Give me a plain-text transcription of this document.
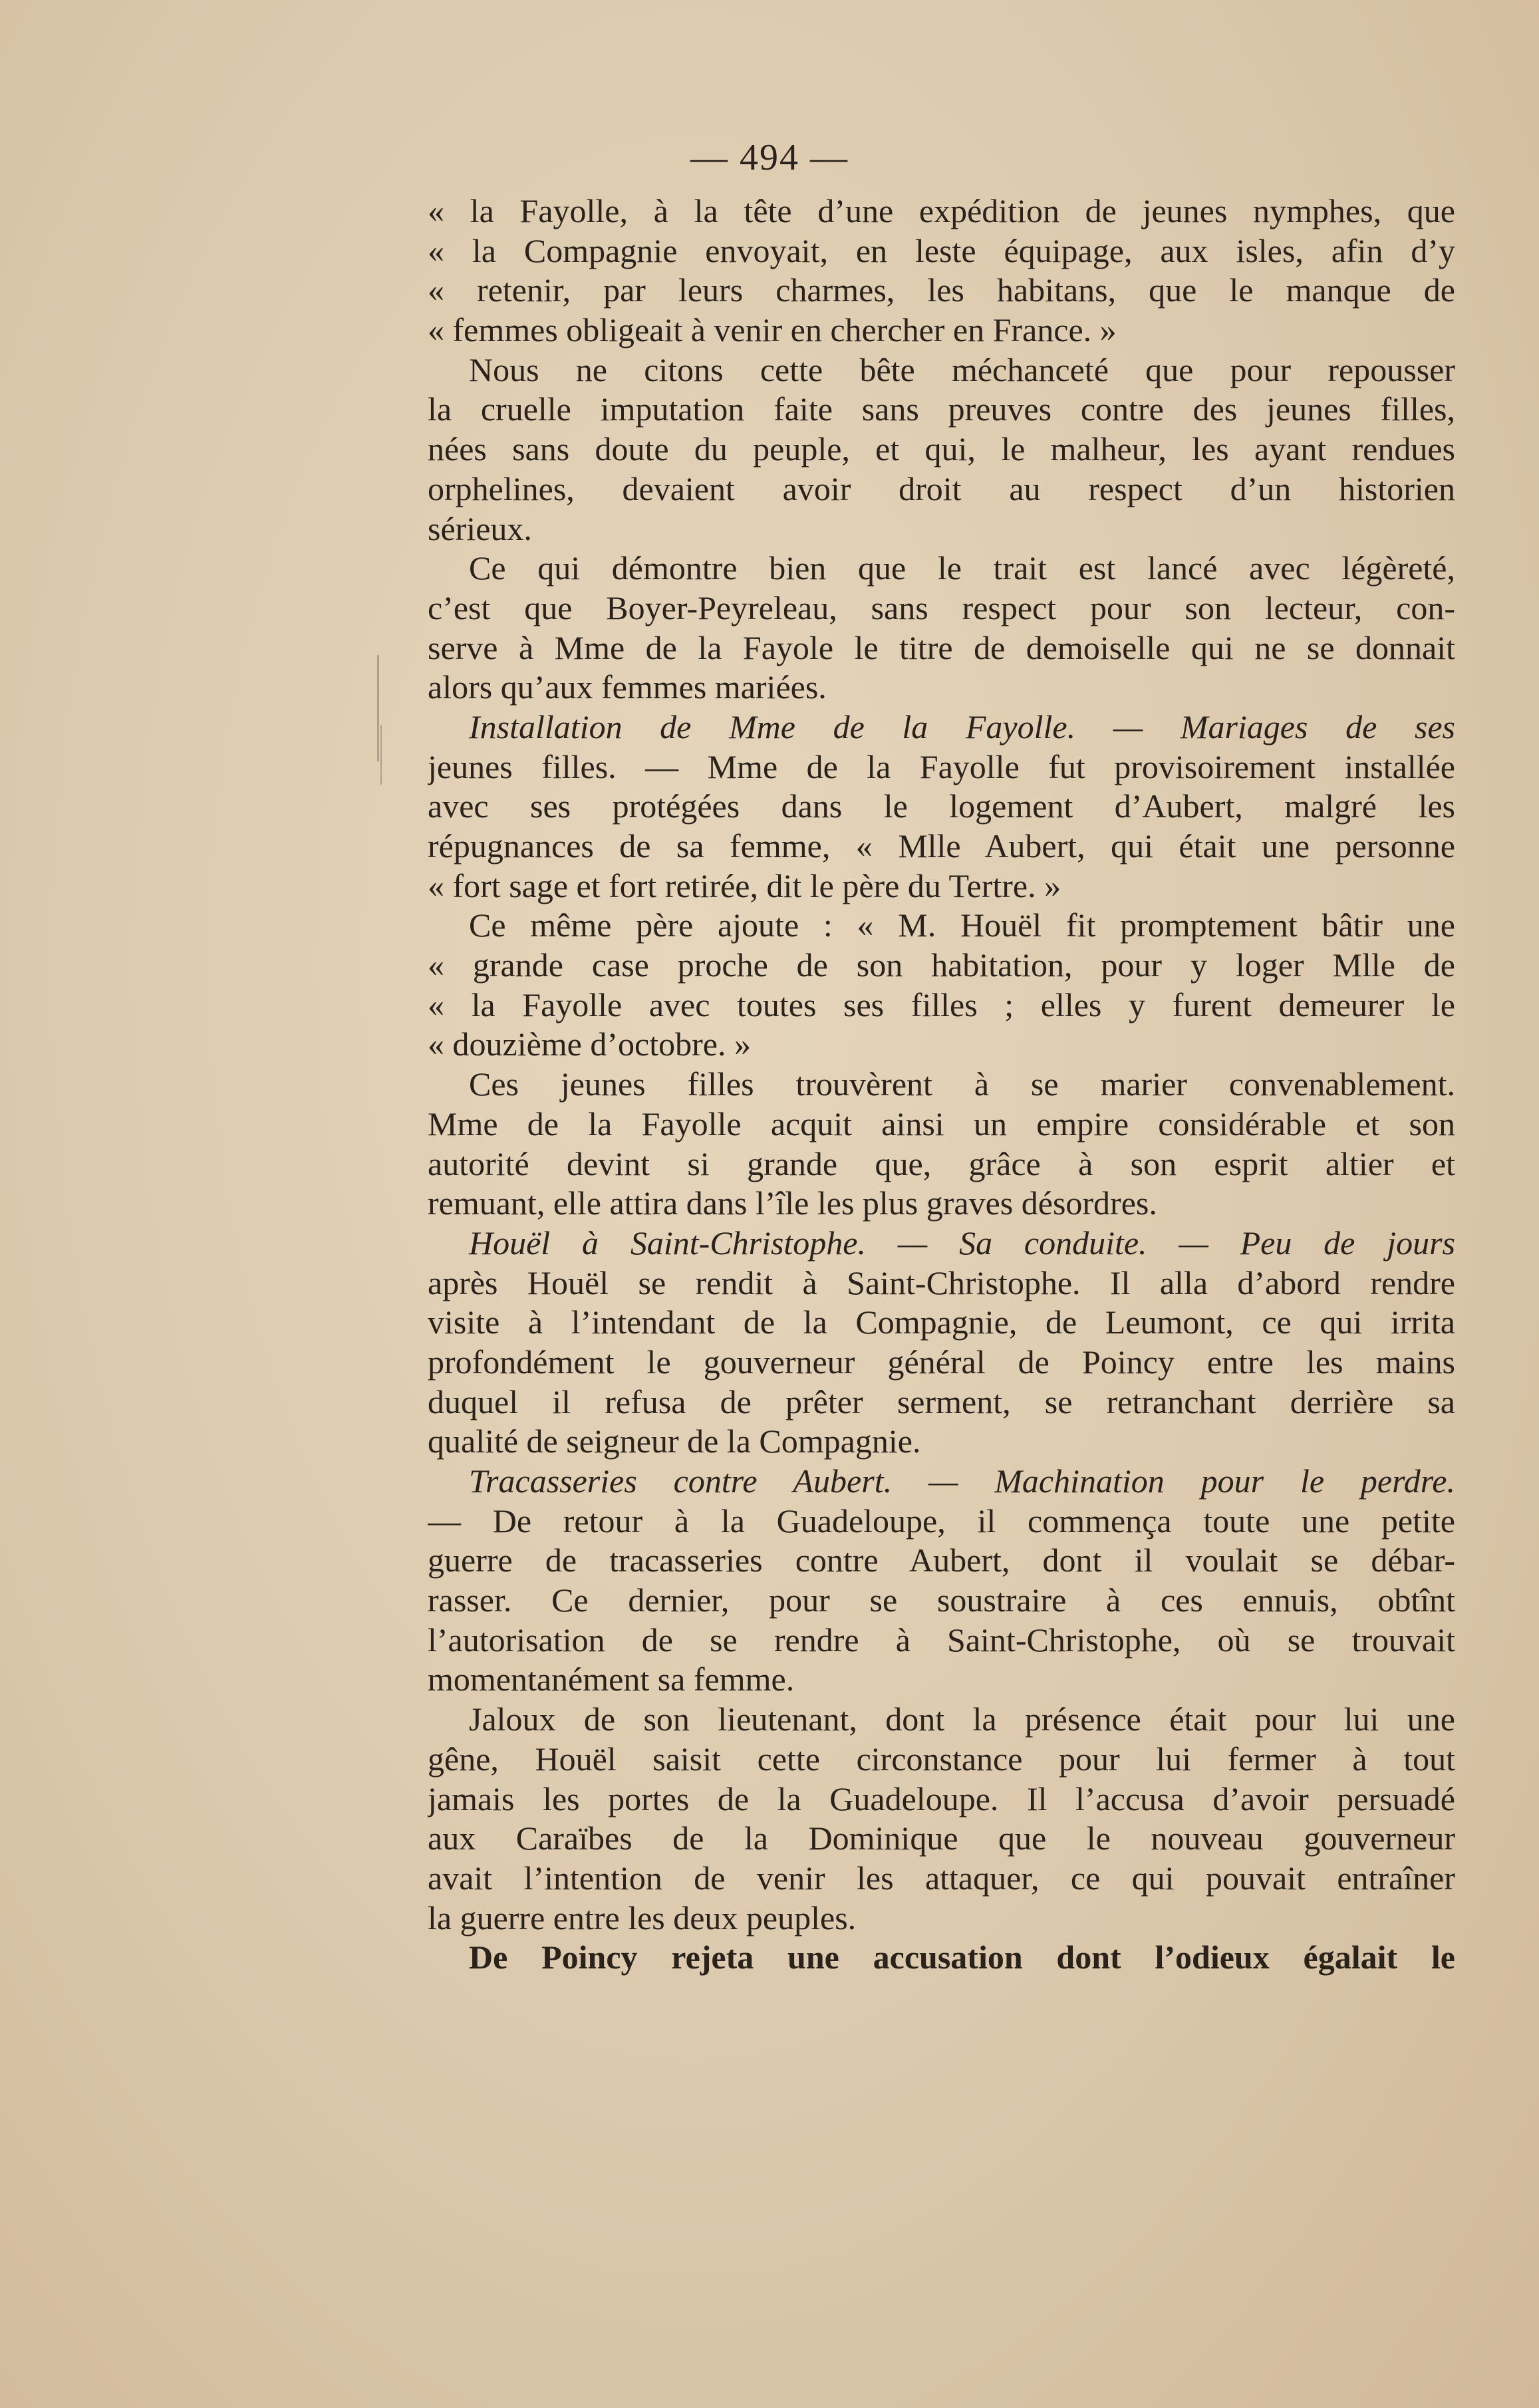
— 494 —
« la Fayolle, à la tête d’une expédition de jeunes nymphes, que
« la Compagnie envoyait, en leste équipage, aux isles, afin d’y
« retenir, par leurs charmes, les habitans, que le manque de
« femmes obligeait à venir en chercher en France. »
Nous ne citons cette bête méchanceté que pour repousser
la cruelle imputation faite sans preuves contre des jeunes filles,
nées sans doute du peuple, et qui, le malheur, les ayant rendues
orphelines, devaient avoir droit au respect d’un historien
sérieux.
Ce qui démontre bien que le trait est lancé avec légèreté,
c’est que Boyer-Peyreleau, sans respect pour son lecteur, con-
serve à Mme de la Fayole le titre de demoiselle qui ne se donnait
alors qu’aux femmes mariées.
Installation de Mme de la Fayolle. — Mariages de ses
jeunes filles. — Mme de la Fayolle fut provisoirement installée
avec ses protégées dans le logement d’Aubert, malgré les
répugnances de sa femme, « Mlle Aubert, qui était une personne
« fort sage et fort retirée, dit le père du Tertre. »
Ce même père ajoute : « M. Houël fit promptement bâtir une
« grande case proche de son habitation, pour y loger Mlle de
« la Fayolle avec toutes ses filles ; elles y furent demeurer le
« douzième d’octobre. »
Ces jeunes filles trouvèrent à se marier convenablement.
Mme de la Fayolle acquit ainsi un empire considérable et son
autorité devint si grande que, grâce à son esprit altier et
remuant, elle attira dans l’île les plus graves désordres.
Houël à Saint-Christophe. — Sa conduite. — Peu de jours
après Houël se rendit à Saint-Christophe. Il alla d’abord rendre
visite à l’intendant de la Compagnie, de Leumont, ce qui irrita
profondément le gouverneur général de Poincy entre les mains
duquel il refusa de prêter serment, se retranchant derrière sa
qualité de seigneur de la Compagnie.
Tracasseries contre Aubert. — Machination pour le perdre.
— De retour à la Guadeloupe, il commença toute une petite
guerre de tracasseries contre Aubert, dont il voulait se débar-
rasser. Ce dernier, pour se soustraire à ces ennuis, obtînt
l’autorisation de se rendre à Saint-Christophe, où se trouvait
momentanément sa femme.
Jaloux de son lieutenant, dont la présence était pour lui une
gêne, Houël saisit cette circonstance pour lui fermer à tout
jamais les portes de la Guadeloupe. Il l’accusa d’avoir persuadé
aux Caraïbes de la Dominique que le nouveau gouverneur
avait l’intention de venir les attaquer, ce qui pouvait entraîner
la guerre entre les deux peuples.
De Poincy rejeta une accusation dont l’odieux égalait le
